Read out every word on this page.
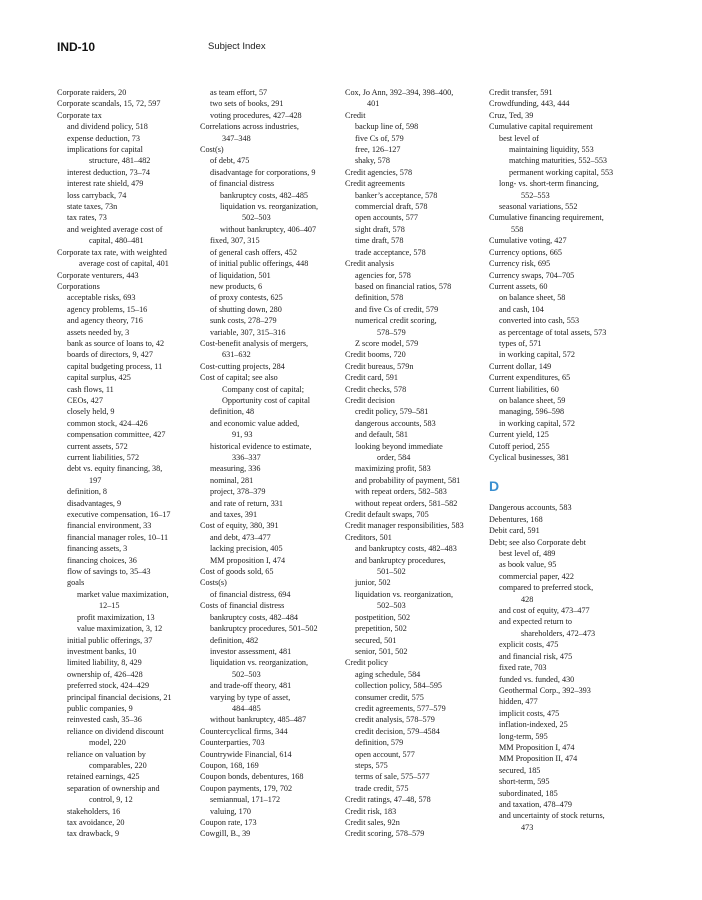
IND-10	Subject Index
Corporate raiders, 20
Corporate scandals, 15, 72, 597
Corporate tax
and dividend policy, 518
expense deduction, 73
implications for capital
structure, 481–482
interest deduction, 73–74
interest rate shield, 479
loss carryback, 74
state taxes, 73n
tax rates, 73
and weighted average cost of
capital, 480–481
Corporate tax rate, with weighted
average cost of capital, 401
Corporate venturers, 443
Corporations
acceptable risks, 693
agency problems, 15–16
and agency theory, 716
assets needed by, 3
bank as source of loans to, 42
boards of directors, 9, 427
capital budgeting process, 11
capital surplus, 425
cash flows, 11
CEOs, 427
closely held, 9
common stock, 424–426
compensation committee, 427
current assets, 572
current liabilities, 572
debt vs. equity financing, 38,
197
definition, 8
disadvantages, 9
executive compensation, 16–17
financial environment, 33
financial manager roles, 10–11
financing assets, 3
financing choices, 36
flow of savings to, 35–43
goals
market value maximization,
12–15
profit maximization, 13
value maximization, 3, 12
initial public offerings, 37
investment banks, 10
limited liability, 8, 429
ownership of, 426–428
preferred stock, 424–429
principal financial decisions, 21
public companies, 9
reinvested cash, 35–36
reliance on dividend discount
model, 220
reliance on valuation by
comparables, 220
retained earnings, 425
separation of ownership and
control, 9, 12
stakeholders, 16
tax avoidance, 20
tax drawback, 9
as team effort, 57
two sets of books, 291
voting procedures, 427–428
Correlations across industries,
347–348
Cost(s)
of debt, 475
disadvantage for corporations, 9
of financial distress
bankruptcy costs, 482–485
liquidation vs. reorganization,
502–503
without bankruptcy, 406–407
fixed, 307, 315
of general cash offers, 452
of initial public offerings, 448
of liquidation, 501
new products, 6
of proxy contests, 625
of shutting down, 280
sunk costs, 278–279
variable, 307, 315–316
Cost-benefit analysis of mergers,
631–632
Cost-cutting projects, 284
Cost of capital; see also
Company cost of capital;
Opportunity cost of capital
definition, 48
and economic value added,
91, 93
historical evidence to estimate,
336–337
measuring, 336
nominal, 281
project, 378–379
and rate of return, 331
and taxes, 391
Cost of equity, 380, 391
and debt, 473–477
lacking precision, 405
MM proposition I, 474
Cost of goods sold, 65
Costs(s)
of financial distress, 694
Costs of financial distress
bankruptcy costs, 482–484
bankruptcy procedures, 501–502
definition, 482
investor assessment, 481
liquidation vs. reorganization,
502–503
and trade-off theory, 481
varying by type of asset,
484–485
without bankruptcy, 485–487
Countercyclical firms, 344
Counterparties, 703
Countrywide Financial, 614
Coupon, 168, 169
Coupon bonds, debentures, 168
Coupon payments, 179, 702
semiannual, 171–172
valuing, 170
Coupon rate, 173
Cowgill, B., 39
Cox, Jo Ann, 392–394, 398–400,
401
Credit
backup line of, 598
five Cs of, 579
free, 126–127
shaky, 578
Credit agencies, 578
Credit agreements
banker’s acceptance, 578
commercial draft, 578
open accounts, 577
sight draft, 578
time draft, 578
trade acceptance, 578
Credit analysis
agencies for, 578
based on financial ratios, 578
definition, 578
and five Cs of credit, 579
numerical credit scoring,
578–579
Z score model, 579
Credit booms, 720
Credit bureaus, 579n
Credit card, 591
Credit checks, 578
Credit decision
credit policy, 579–581
dangerous accounts, 583
and default, 581
looking beyond immediate
order, 584
maximizing profit, 583
and probability of payment, 581
with repeat orders, 582–583
without repeat orders, 581–582
Credit default swaps, 705
Credit manager responsibilities, 583
Creditors, 501
and bankruptcy costs, 482–483
and bankruptcy procedures,
501–502
junior, 502
liquidation vs. reorganization,
502–503
postpetition, 502
prepetition, 502
secured, 501
senior, 501, 502
Credit policy
aging schedule, 584
collection policy, 584–595
consumer credit, 575
credit agreements, 577–579
credit analysis, 578–579
credit decision, 579–4584
definition, 579
open account, 577
steps, 575
terms of sale, 575–577
trade credit, 575
Credit ratings, 47–48, 578
Credit risk, 183
Credit sales, 92n
Credit scoring, 578–579
Credit transfer, 591
Crowdfunding, 443, 444
Cruz, Ted, 39
Cumulative capital requirement
best level of
maintaining liquidity, 553
matching maturities, 552–553
permanent working capital, 553
long- vs. short-term financing,
552–553
seasonal variations, 552
Cumulative financing requirement,
558
Cumulative voting, 427
Currency options, 665
Currency risk, 695
Currency swaps, 704–705
Current assets, 60
on balance sheet, 58
and cash, 104
converted into cash, 553
as percentage of total assets, 573
types of, 571
in working capital, 572
Current dollar, 149
Current expenditures, 65
Current liabilities, 60
on balance sheet, 59
managing, 596–598
in working capital, 572
Current yield, 125
Cutoff period, 255
Cyclical businesses, 381
D
Dangerous accounts, 583
Debentures, 168
Debit card, 591
Debt; see also Corporate debt
best level of, 489
as book value, 95
commercial paper, 422
compared to preferred stock,
428
and cost of equity, 473–477
and expected return to
shareholders, 472–473
explicit costs, 475
and financial risk, 475
fixed rate, 703
funded vs. funded, 430
Geothermal Corp., 392–393
hidden, 477
implicit costs, 475
inflation-indexed, 25
long-term, 595
MM Proposition I, 474
MM Proposition II, 474
secured, 185
short-term, 595
subordinated, 185
and taxation, 478–479
and uncertainty of stock returns,
473
